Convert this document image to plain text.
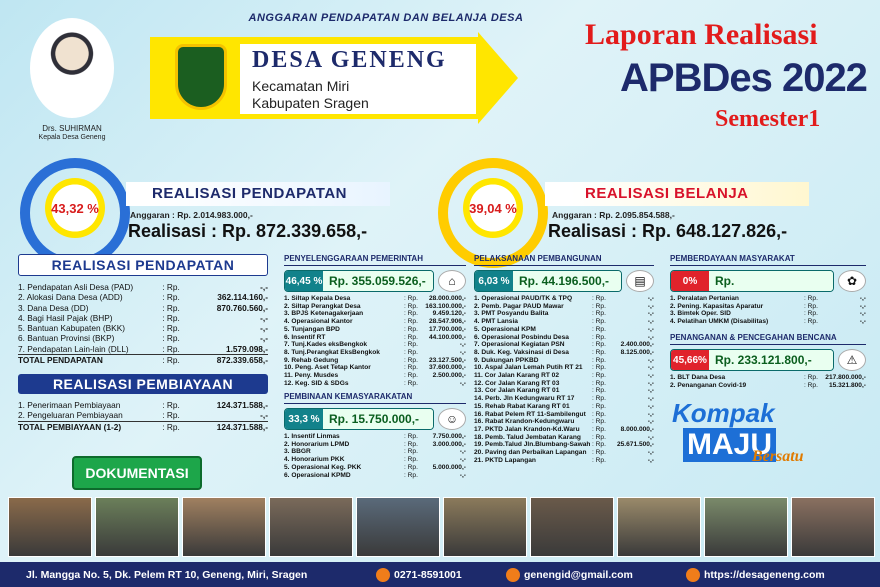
ANGGARAN PENDAPATAN DAN BELANJA DESA
Drs. SUHIRMAN
Kepala Desa Geneng
DESA GENENG
Kecamatan Miri
Kabupaten Sragen
Laporan Realisasi
APBDes 2022
Semester1
43,32 %
REALISASI PENDAPATAN
Anggaran : Rp. 2.014.983.000,-
Realisasi : Rp. 872.339.658,-
39,04 %
REALISASI BELANJA
Anggaran : Rp. 2.095.854.588,-
Realisasi : Rp. 648.127.826,-
REALISASI PENDAPATAN
1. Pendapatan Asli Desa (PAD)	: Rp.	-,-
2. Alokasi Dana Desa (ADD)	: Rp.	362.114.160,-
3. Dana Desa (DD)	: Rp.	870.760.560,-
4. Bagi Hasil Pajak (BHP)	: Rp.	-,-
5. Bantuan Kabupaten (BKK)	: Rp.	-,-
6. Bantuan Provinsi (BKP)	: Rp.	-,-
7. Pendapatan Lain-lain (DLL)	: Rp.	1.579.098,-
TOTAL PENDAPATAN	: Rp.	872.339.658,-
REALISASI PEMBIAYAAN
1. Penerimaan Pembiayaan	: Rp.	124.371.588,-
2. Pengeluaran Pembiayaan	: Rp.	-,-
TOTAL PEMBIAYAAN (1-2)	: Rp.	124.371.588,-
DOKUMENTASI
PENYELENGGARAAN PEMERINTAH
46,45 % Rp. 355.059.526,-	⌂
1. Siltap Kepala Desa	: Rp.	28.000.000,-
2. Siltap Perangkat Desa	: Rp.	163.100.000,-
3. BPJS Ketenagakerjaan	: Rp.	9.459.120,-
4. Operasional Kantor	: Rp.	28.547.906,-
5. Tunjangan BPD	: Rp.	17.700.000,-
6. Insentif RT	: Rp.	44.100.000,-
7. Tunj.Kades eksBengkok	: Rp.	-,-
8. Tunj.Perangkat EksBengkok	: Rp.	-,-
9. Rehab Gedung	: Rp.	23.127.500,-
10. Peng. Aset Tetap Kantor	: Rp.	37.600.000,-
11. Peny. Musdes	: Rp.	2.500.000,-
12. Keg. SID & SDGs	: Rp.	-,-
PEMBINAAN KEMASYARAKATAN
33,3 % Rp. 15.750.000,-	☺
1. Insentif Linmas	: Rp.	7.750.000,-
2. Honorarium LPMD	: Rp.	3.000.000,-
3. BBGR	: Rp.	-,-
4. Honorarium PKK	: Rp.	-,-
5. Operasional Keg. PKK	: Rp.	5.000.000,-
6. Operasional KPMD	: Rp.	-,-
PELAKSANAAN PEMBANGUNAN
6,03 % Rp. 44.196.500,-	▤
1. Operasional PAUD/TK & TPQ	: Rp.	-,-
2. Pemb. Pagar PAUD Mawar	: Rp.	-,-
3. PMT Posyandu Balita	: Rp.	-,-
4. PMT Lansia	: Rp.	-,-
5. Operasional KPM	: Rp.	-,-
6. Operasional Posbindu Desa	: Rp.	-,-
7. Operasional Kegiatan PSN	: Rp.	2.400.000,-
8. Duk. Keg. Vaksinasi di Desa	: Rp.	8.125.000,-
9. Dukungan PPKBD	: Rp.	-,-
10. Aspal Jalan Lemah Putih RT 21	: Rp.	-,-
11. Cor Jalan Karang RT 02	: Rp.	-,-
12. Cor Jalan Karang RT 03	: Rp.	-,-
13. Cor Jalan Karang RT 01	: Rp.	-,-
14. Perb. Jln Kedungwaru RT 17	: Rp.	-,-
15. Rehab Rabat Karang RT 01	: Rp.	-,-
16. Rabat Pelem RT 11-Sambilengut : Rp.	-,-
16. Rabat Krandon-Kedungwaru	: Rp.	-,-
17. PKTD Jalan Krandon-Kd.Waru	: Rp.	8.000.000,-
18. Pemb. Talud Jembatan Karang	: Rp.	-,-
19. Pemb.Talud Jln.Blumbang-Sawah : Rp.	25.671.500,-
20. Paving dan Perbaikan Lapangan : Rp.	-,-
21. PKTD Lapangan	: Rp.	-,-
PEMBERDAYAAN MASYARAKAT
0%	Rp.	✿
1. Peralatan Pertanian	: Rp.	-,-
2. Pening. Kapasitas Aparatur	: Rp.	-,-
3. Bimtek Oper. SID	: Rp.	-,-
4. Pelatihan UMKM (Disabilitas)	: Rp.	-,-
PENANGANAN & PENCEGAHAN BENCANA
45,66% Rp. 233.121.800,-	⚠
1. BLT Dana Desa	: Rp.	217.800.000,-
2. Penanganan Covid-19	: Rp.	15.321.800,-
Kompak
MAJU
Bersatu
Jl. Mangga No. 5, Dk. Pelem RT 10, Geneng, Miri, Sragen	0271-8591001	genengid@gmail.com	https://desageneng.com
